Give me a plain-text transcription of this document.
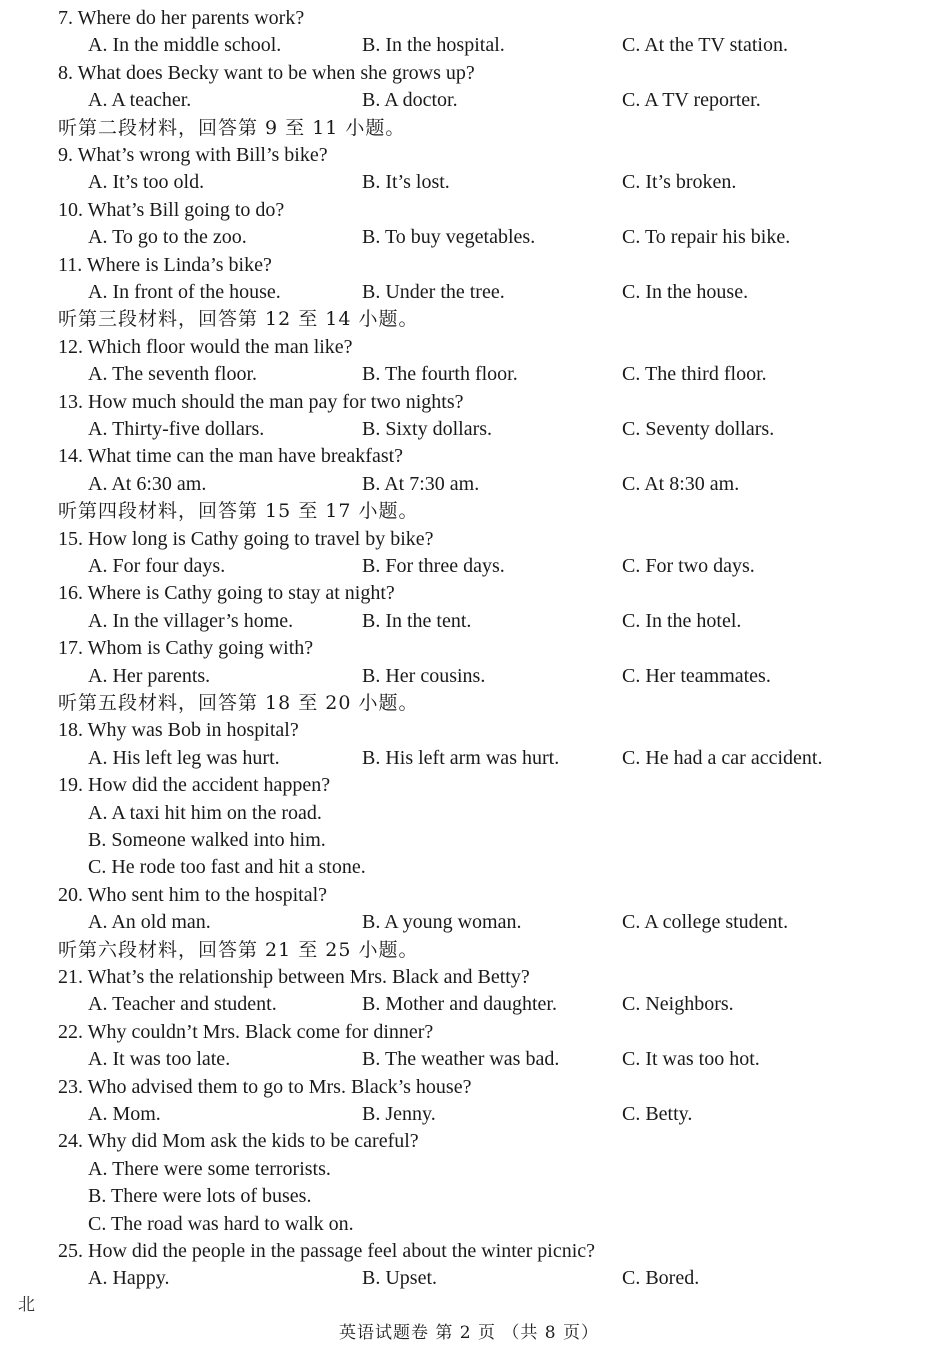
7. Where do her parents work?
A. In the middle school.	B. In the hospital.	C. At the TV station.
8. What does Becky want to be when she grows up?
A. A teacher.	B. A doctor.	C. A TV reporter.
听第二段材料，回答第 9 至 11 小题。
9. What’s wrong with Bill’s bike?
A. It’s too old.	B. It’s lost.	C. It’s broken.
10. What’s Bill going to do?
A. To go to the zoo.	B. To buy vegetables.	C. To repair his bike.
11. Where is Linda’s bike?
A. In front of the house.	B. Under the tree.	C. In the house.
听第三段材料，回答第 12 至 14 小题。
12. Which floor would the man like?
A. The seventh floor.	B. The fourth floor.	C. The third floor.
13. How much should the man pay for two nights?
A. Thirty-five dollars.	B. Sixty dollars.	C. Seventy dollars.
14. What time can the man have breakfast?
A. At 6:30 am.	B. At 7:30 am.	C. At 8:30 am.
听第四段材料，回答第 15 至 17 小题。
15. How long is Cathy going to travel by bike?
A. For four days.	B. For three days.	C. For two days.
16. Where is Cathy going to stay at night?
A. In the villager’s home.	B. In the tent.	C. In the hotel.
17. Whom is Cathy going with?
A. Her parents.	B. Her cousins.	C. Her teammates.
听第五段材料，回答第 18 至 20 小题。
18. Why was Bob in hospital?
A. His left leg was hurt.	B. His left arm was hurt.	C. He had a car accident.
19. How did the accident happen?
A. A taxi hit him on the road.
B. Someone walked into him.
C. He rode too fast and hit a stone.
20. Who sent him to the hospital?
A. An old man.	B. A young woman.	C. A college student.
听第六段材料，回答第 21 至 25 小题。
21. What’s the relationship between Mrs. Black and Betty?
A. Teacher and student.	B. Mother and daughter.	C. Neighbors.
22. Why couldn’t Mrs. Black come for dinner?
A. It was too late.	B. The weather was bad.	C. It was too hot.
23. Who advised them to go to Mrs. Black’s house?
A. Mom.	B. Jenny.	C. Betty.
24. Why did Mom ask the kids to be careful?
A. There were some terrorists.
B. There were lots of buses.
C. The road was hard to walk on.
25. How did the people in the passage feel about the winter picnic?
A. Happy.	B. Upset.	C. Bored.
北
英语试题卷 第 2 页 （共 8 页）
